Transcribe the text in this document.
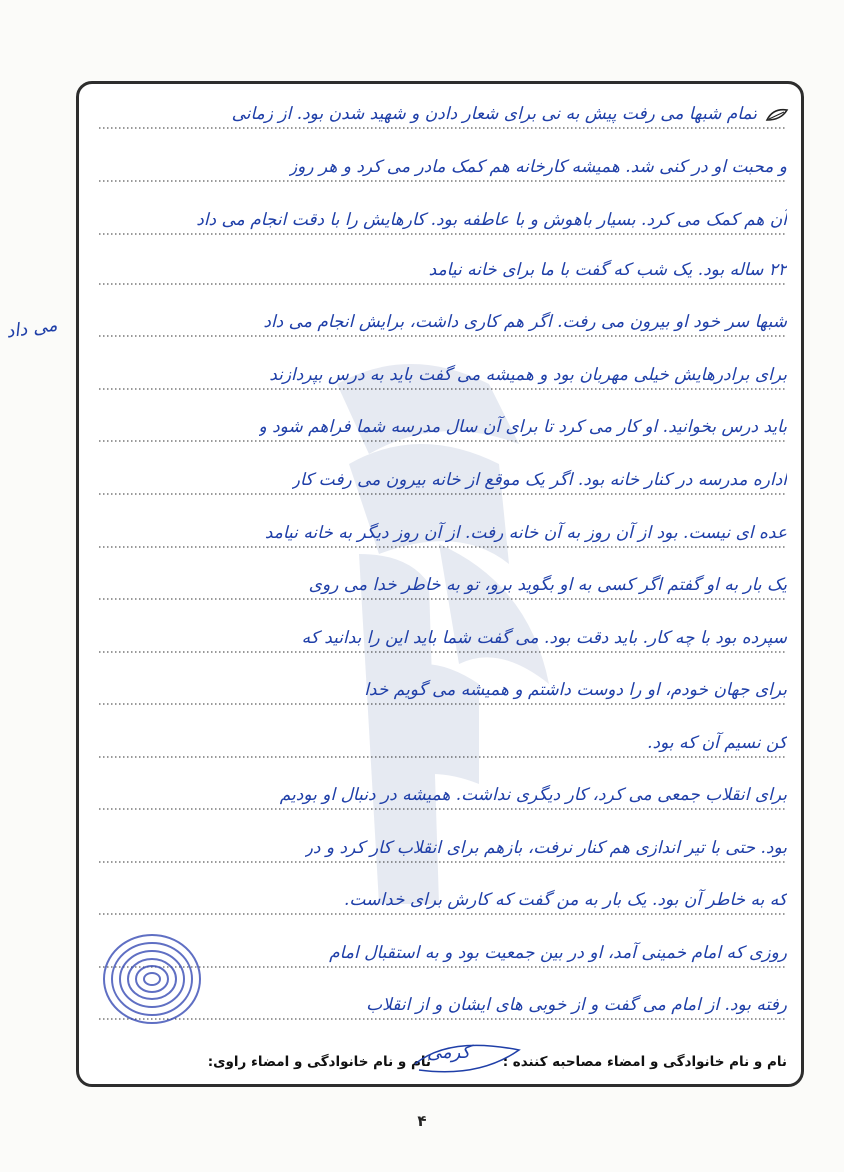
تمام شبها می رفت پیش به نی برای شعار دادن و شهید شدن بود. از زمانی
و محبت او در کنی شد. همیشه کارخانه هم کمک مادر می کرد و هر روز
آن هم کمک می کرد. بسیار باهوش و با عاطفه بود. کارهایش را با دقت انجام می داد
۲۲ ساله بود. یک شب که گفت با ما برای خانه نیامد
شبها سر خود او بیرون می رفت. اگر هم کاری داشت، برایش انجام می داد
برای برادرهایش خیلی مهربان بود و همیشه می گفت باید به درس بپردازند
باید درس بخوانید. او کار می کرد تا برای آن سال مدرسه شما فراهم شود و
اداره مدرسه در کنار خانه بود. اگر یک موقع از خانه بیرون می رفت کار
عده ای نیست. بود از آن روز به آن خانه رفت. از آن روز دیگر به خانه نیامد
یک بار به او گفتم اگر کسی به او بگوید برو، تو به خاطر خدا می روی
سپرده بود با چه کار. باید دقت بود. می گفت شما باید این را بدانید که
برای جهان خودم، او را دوست داشتم و همیشه می گویم خدا
کن نسیم آن که بود.
برای انقلاب جمعی می کرد، کار دیگری نداشت. همیشه در دنبال او بودیم
بود. حتی با تیر اندازی هم کنار نرفت، بازهم برای انقلاب کار کرد و در
که به خاطر آن بود. یک بار به من گفت که کارش برای خداست.
روزی که امام خمینی آمد، او در بین جمعیت بود و به استقبال امام
رفته بود. از امام می گفت و از خوبی های ایشان و از انقلاب
نام و نام خانوادگی و امضاء مصاحبه کننده :
نام و نام خانوادگی و امضاء راوی:
کرمی
می داد
۴
